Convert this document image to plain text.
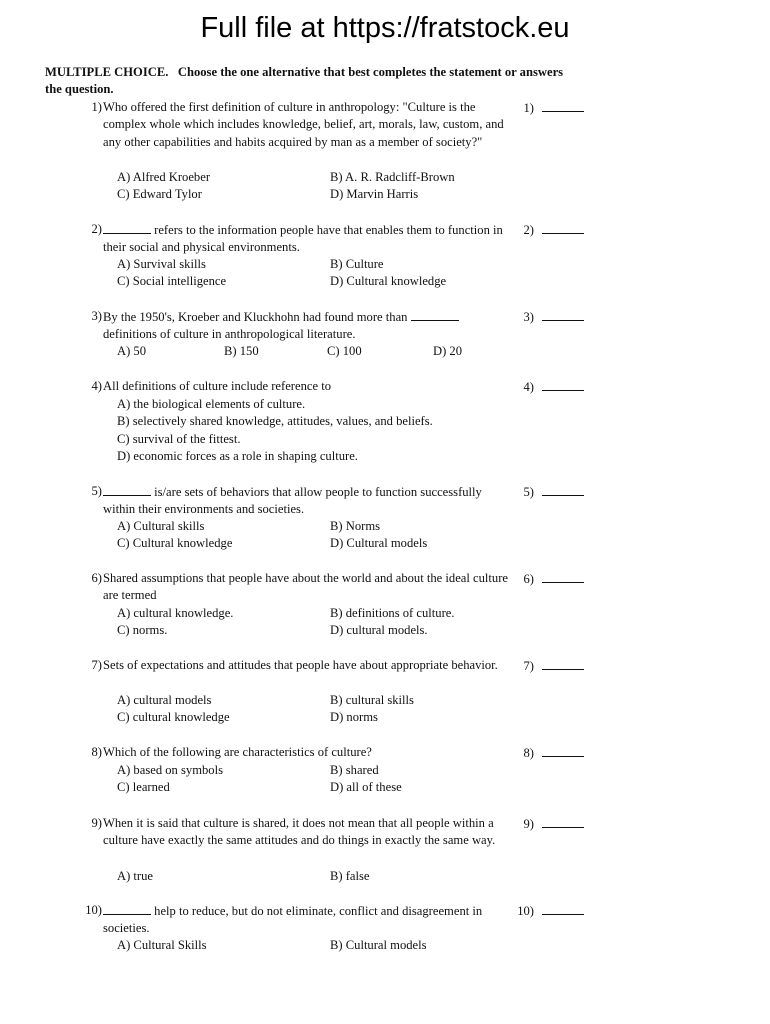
Full file at https://fratstock.eu
MULTIPLE CHOICE. Choose the one alternative that best completes the statement or answers the question.
1) Who offered the first definition of culture in anthropology: "Culture is the complex whole which includes knowledge, belief, art, morals, law, custom, and any other capabilities and habits acquired by man as a member of society?"
1)
A) Alfred Kroeber	B) A. R. Radcliff-Brown
C) Edward Tylor	D) Marvin Harris
2)	refers to the information people have that enables them to function in their social and physical environments.
2)
A) Survival skills	B) Culture
C) Social intelligence	D) Cultural knowledge
3) By the 1950's, Kroeber and Kluckhohn had found more than  definitions of culture in anthropological literature.
3)
A) 50	B) 150	C) 100	D) 20
4) All definitions of culture include reference to	4)
A) the biological elements of culture.
B) selectively shared knowledge, attitudes, values, and beliefs.
C) survival of the fittest.
D) economic forces as a role in shaping culture.
5)	is/are sets of behaviors that allow people to function successfully within their environments and societies.
5)
A) Cultural skills	B) Norms
C) Cultural knowledge	D) Cultural models
6) Shared assumptions that people have about the world and about the ideal culture are termed
6)
A) cultural knowledge.	B) definitions of culture.
C) norms.	D) cultural models.
7) Sets of expectations and attitudes that people have about appropriate behavior.	7)
A) cultural models	B) cultural skills
C) cultural knowledge	D) norms
8) Which of the following are characteristics of culture?	8)
A) based on symbols	B) shared
C) learned	D) all of these
9) When it is said that culture is shared, it does not mean that all people within a culture have exactly the same attitudes and do things in exactly the same way.
9)
A) true	B) false
10)	help to reduce, but do not eliminate, conflict and disagreement in societies.
10)
A) Cultural Skills	B) Cultural models
